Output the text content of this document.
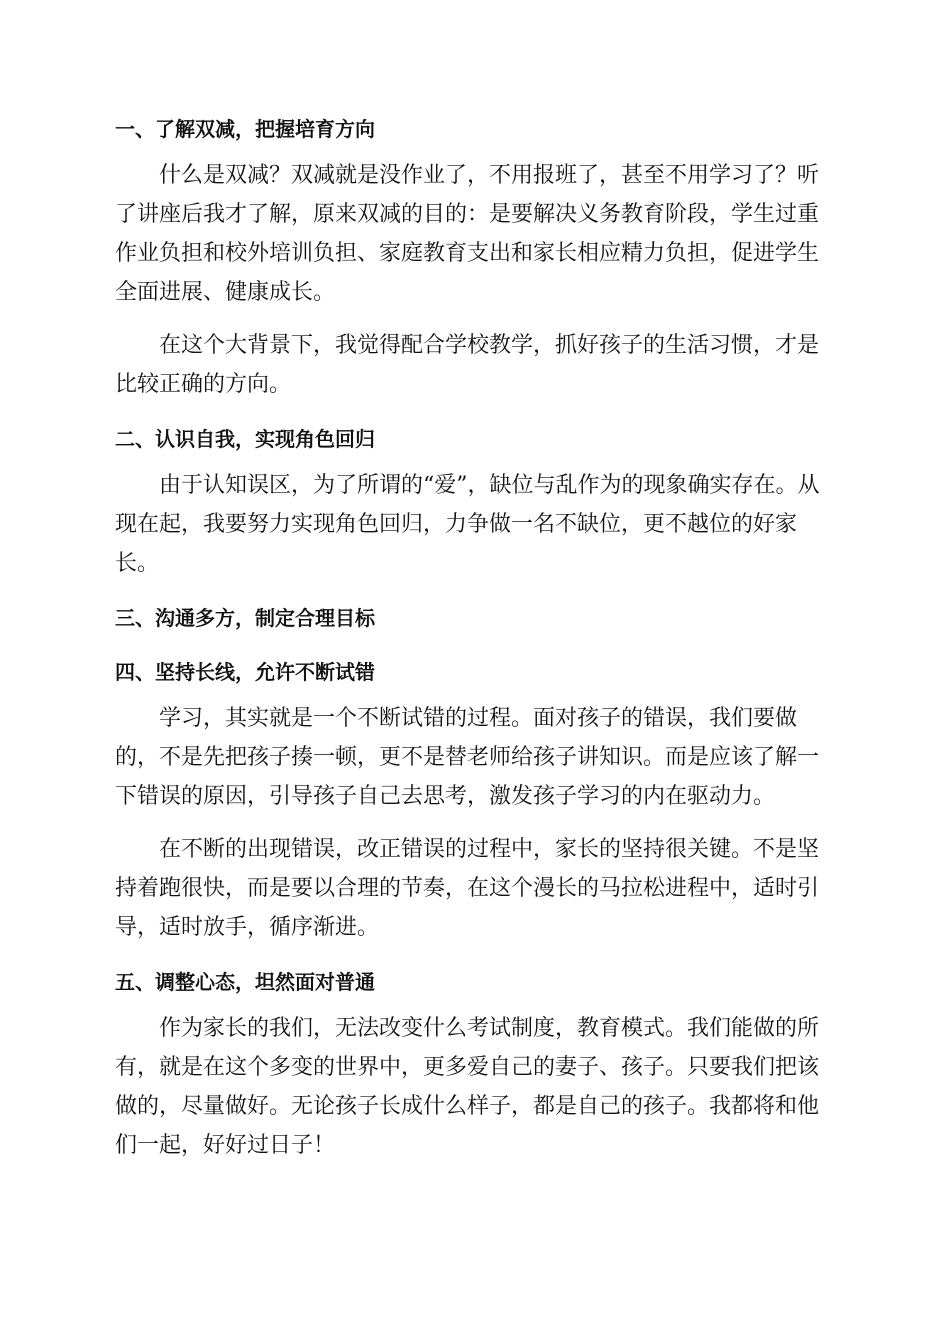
一、了解双减，把握培育方向

什么是双减？双减就是没作业了，不用报班了，甚至不用学习了？听了讲座后我才了解，原来双减的目的：是要解决义务教育阶段，学生过重作业负担和校外培训负担、家庭教育支出和家长相应精力负担，促进学生全面进展、健康成长。

在这个大背景下，我觉得配合学校教学，抓好孩子的生活习惯，才是比较正确的方向。

二、认识自我，实现角色回归

由于认知误区，为了所谓的“爱”，缺位与乱作为的现象确实存在。从现在起，我要努力实现角色回归，力争做一名不缺位，更不越位的好家长。

三、沟通多方，制定合理目标
四、坚持长线，允许不断试错

学习，其实就是一个不断试错的过程。面对孩子的错误，我们要做的，不是先把孩子揍一顿，更不是替老师给孩子讲知识。而是应该了解一下错误的原因，引导孩子自己去思考，激发孩子学习的内在驱动力。

在不断的出现错误，改正错误的过程中，家长的坚持很关键。不是坚持着跑很快，而是要以合理的节奏，在这个漫长的马拉松进程中，适时引导，适时放手，循序渐进。

五、调整心态，坦然面对普通

作为家长的我们，无法改变什么考试制度，教育模式。我们能做的所有，就是在这个多变的世界中，更多爱自己的妻子、孩子。只要我们把该做的，尽量做好。无论孩子长成什么样子，都是自己的孩子。我都将和他们一起，好好过日子！
